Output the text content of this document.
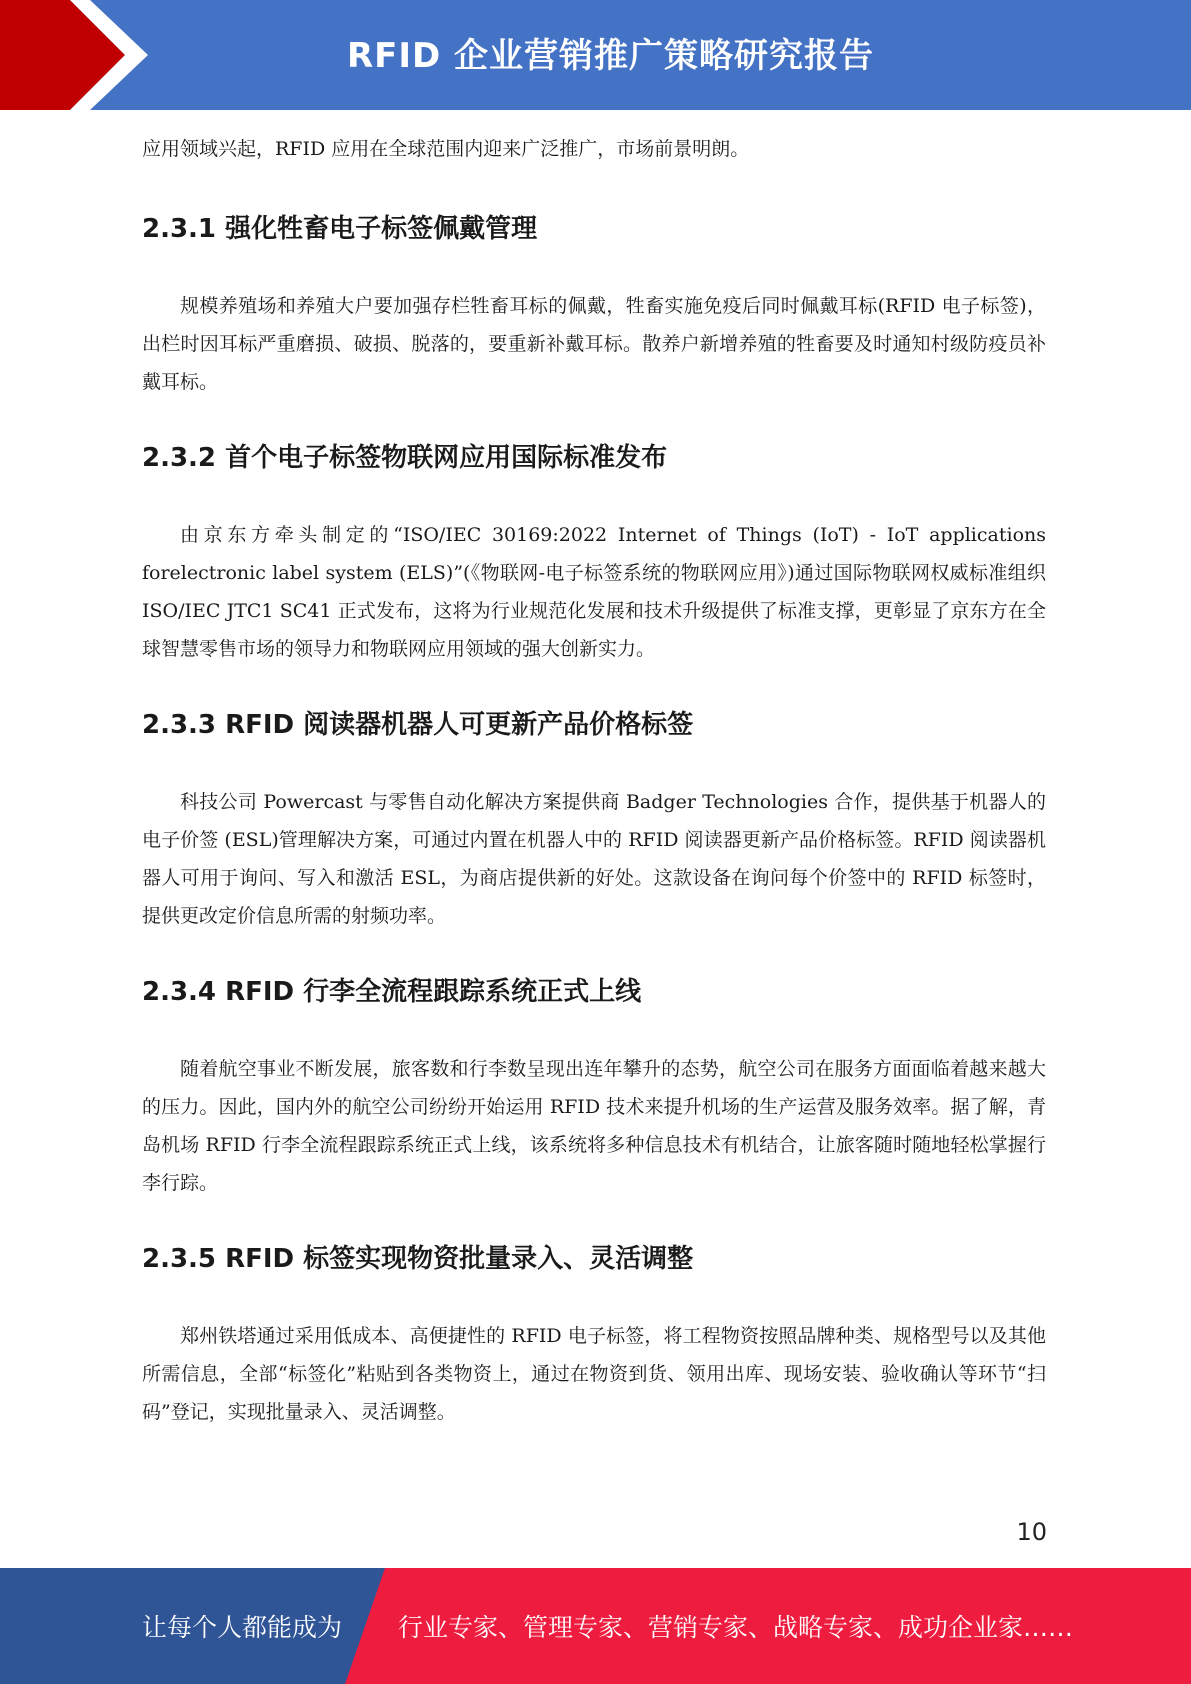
RFID 企业营销推广策略研究报告

应用领域兴起，RFID 应用在全球范围内迎来广泛推广，市场前景明朗。

2.3.1 强化牲畜电子标签佩戴管理

规模养殖场和养殖大户要加强存栏牲畜耳标的佩戴，牲畜实施免疫后同时佩戴耳标(RFID 电子标签)，出栏时因耳标严重磨损、破损、脱落的，要重新补戴耳标。散养户新增养殖的牲畜要及时通知村级防疫员补戴耳标。

2.3.2 首个电子标签物联网应用国际标准发布

由京东方牵头制定的“ISO/IEC 30169:2022 Internet of Things (IoT) - IoT applications forelectronic label system (ELS)”(《物联网-电子标签系统的物联网应用》)通过国际物联网权威标准组织 ISO/IEC JTC1 SC41 正式发布，这将为行业规范化发展和技术升级提供了标准支撑，更彰显了京东方在全球智慧零售市场的领导力和物联网应用领域的强大创新实力。

2.3.3 RFID 阅读器机器人可更新产品价格标签

科技公司 Powercast 与零售自动化解决方案提供商 Badger Technologies 合作，提供基于机器人的电子价签 (ESL)管理解决方案，可通过内置在机器人中的 RFID 阅读器更新产品价格标签。RFID 阅读器机器人可用于询问、写入和激活 ESL，为商店提供新的好处。这款设备在询问每个价签中的 RFID 标签时，提供更改定价信息所需的射频功率。

2.3.4 RFID 行李全流程跟踪系统正式上线

随着航空事业不断发展，旅客数和行李数呈现出连年攀升的态势，航空公司在服务方面面临着越来越大的压力。因此，国内外的航空公司纷纷开始运用 RFID 技术来提升机场的生产运营及服务效率。据了解，青岛机场 RFID 行李全流程跟踪系统正式上线，该系统将多种信息技术有机结合，让旅客随时随地轻松掌握行李行踪。

2.3.5 RFID 标签实现物资批量录入、灵活调整

郑州铁塔通过采用低成本、高便捷性的 RFID 电子标签，将工程物资按照品牌种类、规格型号以及其他所需信息，全部“标签化”粘贴到各类物资上，通过在物资到货、领用出库、现场安装、验收确认等环节“扫码”登记，实现批量录入、灵活调整。

10
让每个人都能成为 行业专家、管理专家、营销专家、战略专家、成功企业家……
